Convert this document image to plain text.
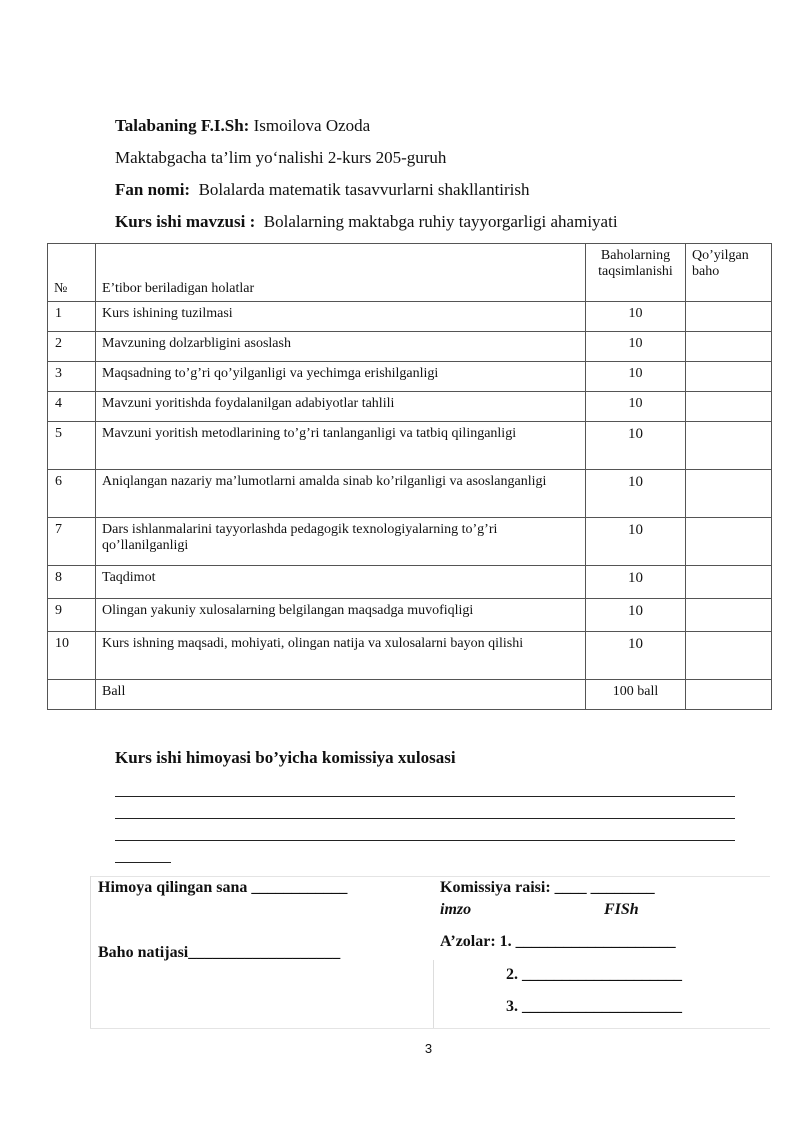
Talabaning F.I.Sh: Ismoilova Ozoda
Maktabgacha ta’lim yo‘nalishi 2-kurs 205-guruh
Fan nomi: Bolalarda matematik tasavvurlarni shakllantirish
Kurs ishi mavzusi : Bolalarning maktabga ruhiy tayyorgarligi ahamiyati
№	E’tibor beriladigan holatlar	Baholarning taqsimlanishi	Qo’yilgan baho
1	Kurs ishining tuzilmasi	10	
2	Mavzuning dolzarbligini asoslash	10	
3	Maqsadning to’g’ri qo’yilganligi va yechimga erishilganligi	10	
4	Mavzuni yoritishda foydalanilgan adabiyotlar tahlili	10	
5	Mavzuni yoritish metodlarining to’g’ri tanlanganligi va tatbiq qilinganligi	10	
6	Aniqlangan nazariy ma’lumotlarni amalda sinab ko’rilganligi va asoslanganligi	10	
7	Dars ishlanmalarini tayyorlashda pedagogik texnologiyalarning to’g’ri qo’llanilganligi	10	
8	Taqdimot	10	
9	Olingan yakuniy xulosalarning belgilangan maqsadga muvofiqligi	10	
10	Kurs ishning maqsadi, mohiyati, olingan natija va xulosalarni bayon qilishi	10	
	Ball	100 ball	
Kurs ishi himoyasi bo’yicha komissiya xulosasi
Himoya qilingan sana ____________
Baho natijasi___________________
Komissiya raisi: ____ ________
imzo	FISh
A’zolar: 1. ____________________
2. ____________________
3. ____________________
3
